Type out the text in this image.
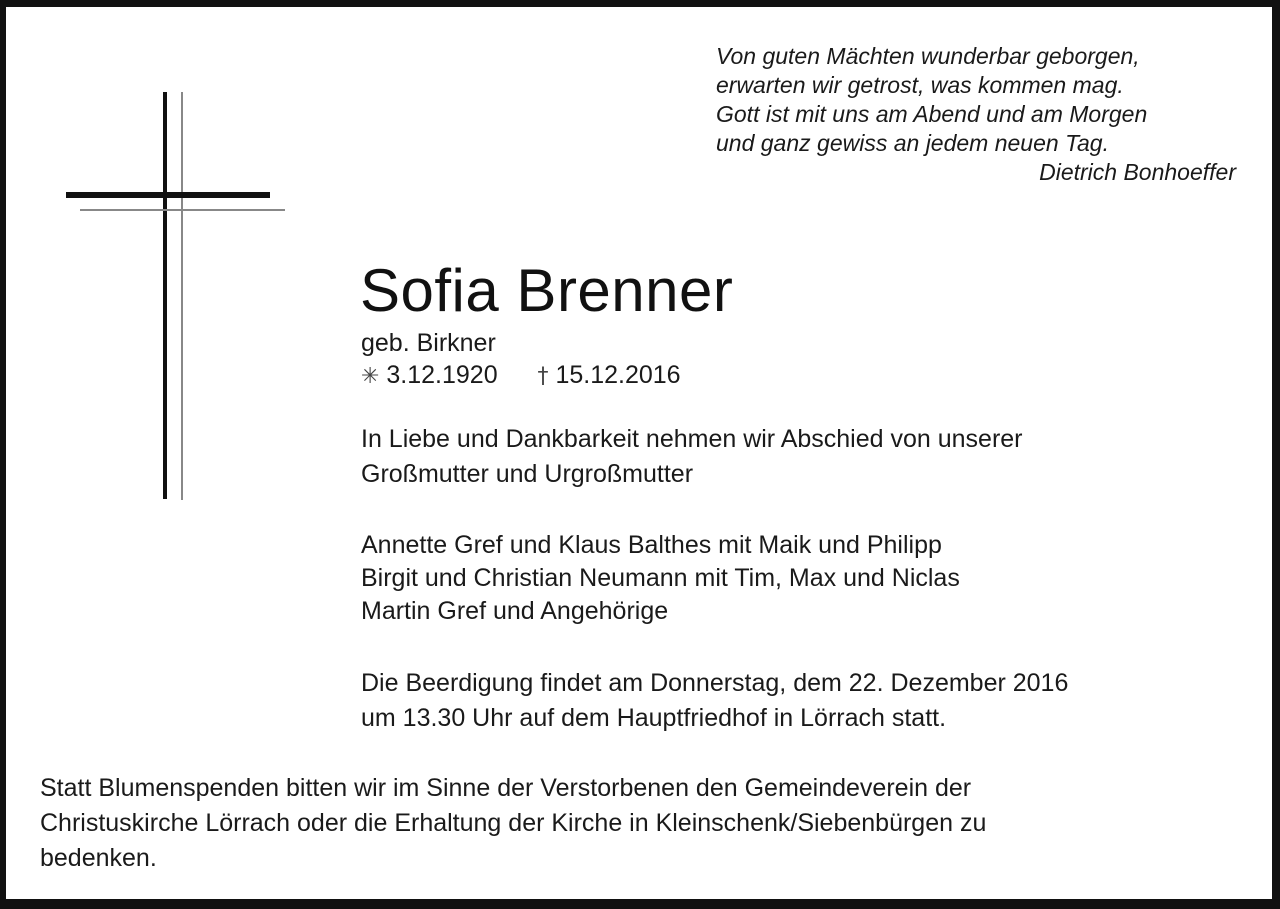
Von guten Mächten wunderbar geborgen,
erwarten wir getrost, was kommen mag.
Gott ist mit uns am Abend und am Morgen
und ganz gewiss an jedem neuen Tag.
Dietrich Bonhoeffer
Sofia Brenner
geb. Birkner
✳ 3.12.1920 † 15.12.2016
In Liebe und Dankbarkeit nehmen wir Abschied von unserer
Großmutter und Urgroßmutter
Annette Gref und Klaus Balthes mit Maik und Philipp
Birgit und Christian Neumann mit Tim, Max und Niclas
Martin Gref und Angehörige
Die Beerdigung findet am Donnerstag, dem 22. Dezember 2016
um 13.30 Uhr auf dem Hauptfriedhof in Lörrach statt.
Statt Blumenspenden bitten wir im Sinne der Verstorbenen den Gemeindeverein der
Christuskirche Lörrach oder die Erhaltung der Kirche in Kleinschenk/Siebenbürgen zu
bedenken.
